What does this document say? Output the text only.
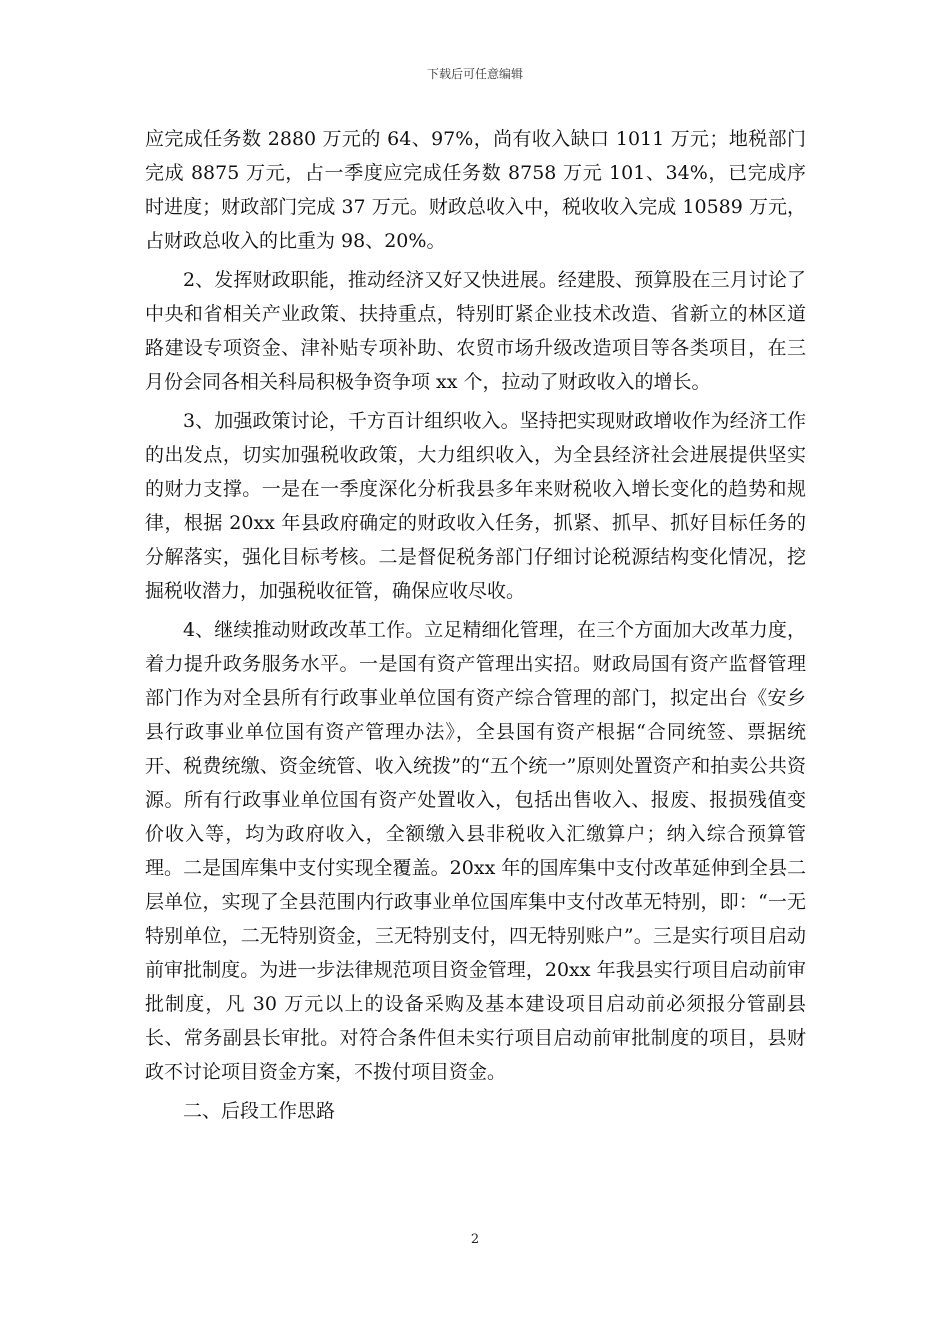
下载后可任意编辑

应完成任务数 2880 万元的 64、97%，尚有收入缺口 1011 万元；地税部门完成 8875 万元，占一季度应完成任务数 8758 万元 101、34%，已完成序时进度；财政部门完成 37 万元。财政总收入中，税收收入完成 10589 万元，占财政总收入的比重为 98、20%。

2、发挥财政职能，推动经济又好又快进展。经建股、预算股在三月讨论了中央和省相关产业政策、扶持重点，特别盯紧企业技术改造、省新立的林区道路建设专项资金、津补贴专项补助、农贸市场升级改造项目等各类项目，在三月份会同各相关科局积极争资争项 xx 个，拉动了财政收入的增长。

3、加强政策讨论，千方百计组织收入。坚持把实现财政增收作为经济工作的出发点，切实加强税收政策，大力组织收入，为全县经济社会进展提供坚实的财力支撑。一是在一季度深化分析我县多年来财税收入增长变化的趋势和规律，根据 20xx 年县政府确定的财政收入任务，抓紧、抓早、抓好目标任务的分解落实，强化目标考核。二是督促税务部门仔细讨论税源结构变化情况，挖掘税收潜力，加强税收征管，确保应收尽收。

4、继续推动财政改革工作。立足精细化管理，在三个方面加大改革力度，着力提升政务服务水平。一是国有资产管理出实招。财政局国有资产监督管理部门作为对全县所有行政事业单位国有资产综合管理的部门，拟定出台《安乡县行政事业单位国有资产管理办法》，全县国有资产根据“合同统签、票据统开、税费统缴、资金统管、收入统拨”的“五个统一”原则处置资产和拍卖公共资源。所有行政事业单位国有资产处置收入，包括出售收入、报废、报损残值变价收入等，均为政府收入，全额缴入县非税收入汇缴算户；纳入综合预算管理。二是国库集中支付实现全覆盖。20xx 年的国库集中支付改革延伸到全县二层单位，实现了全县范围内行政事业单位国库集中支付改革无特别，即：“一无特别单位，二无特别资金，三无特别支付，四无特别账户”。三是实行项目启动前审批制度。为进一步法律规范项目资金管理，20xx 年我县实行项目启动前审批制度，凡 30 万元以上的设备采购及基本建设项目启动前必须报分管副县长、常务副县长审批。对符合条件但未实行项目启动前审批制度的项目，县财政不讨论项目资金方案，不拨付项目资金。

二、后段工作思路

2
